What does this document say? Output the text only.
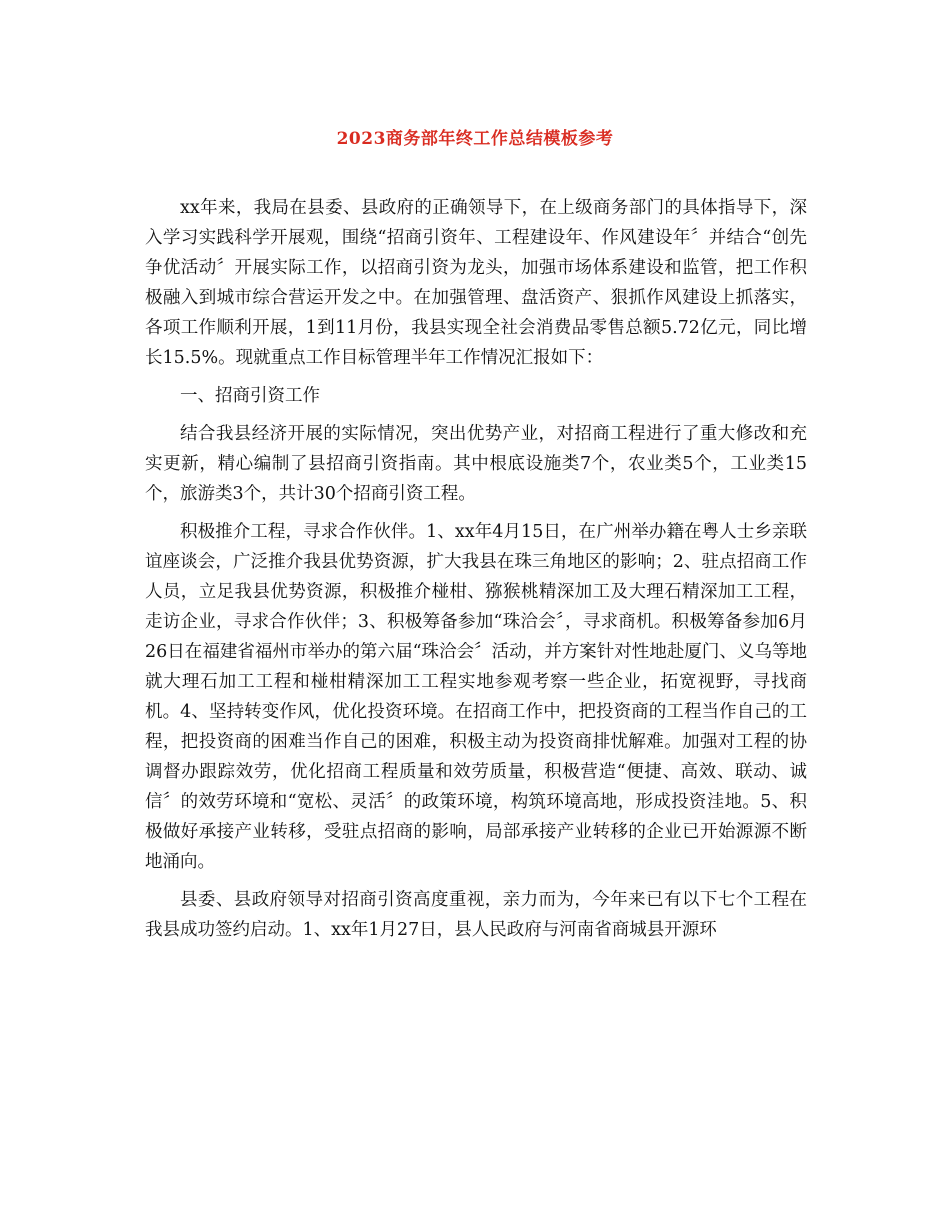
2023商务部年终工作总结模板参考

xx年来，我局在县委、县政府的正确领导下，在上级商务部门的具体指导下，深入学习实践科学开展观，围绕“招商引资年、工程建设年、作风建设年〞并结合“创先争优活动〞开展实际工作，以招商引资为龙头，加强市场体系建设和监管，把工作积极融入到城市综合营运开发之中。在加强管理、盘活资产、狠抓作风建设上抓落实，各项工作顺利开展，1到11月份，我县实现全社会消费品零售总额5.72亿元，同比增长15.5%。现就重点工作目标管理半年工作情况汇报如下：

一、招商引资工作

结合我县经济开展的实际情况，突出优势产业，对招商工程进行了重大修改和充实更新，精心编制了县招商引资指南。其中根底设施类7个，农业类5个，工业类15个，旅游类3个，共计30个招商引资工程。

积极推介工程，寻求合作伙伴。1、xx年4月15日，在广州举办籍在粤人士乡亲联谊座谈会，广泛推介我县优势资源，扩大我县在珠三角地区的影响；2、驻点招商工作人员，立足我县优势资源，积极推介椪柑、猕猴桃精深加工及大理石精深加工工程，走访企业，寻求合作伙伴；3、积极筹备参加“珠洽会〞，寻求商机。积极筹备参加6月26日在福建省福州市举办的第六届“珠洽会〞活动，并方案针对性地赴厦门、义乌等地就大理石加工工程和椪柑精深加工工程实地参观考察一些企业，拓宽视野，寻找商机。4、坚持转变作风，优化投资环境。在招商工作中，把投资商的工程当作自己的工程，把投资商的困难当作自己的困难，积极主动为投资商排忧解难。加强对工程的协调督办跟踪效劳，优化招商工程质量和效劳质量，积极营造“便捷、高效、联动、诚信〞的效劳环境和“宽松、灵活〞的政策环境，构筑环境高地，形成投资洼地。5、积极做好承接产业转移，受驻点招商的影响，局部承接产业转移的企业已开始源源不断地涌向。

县委、县政府领导对招商引资高度重视，亲力而为，今年来已有以下七个工程在我县成功签约启动。1、xx年1月27日，县人民政府与河南省商城县开源环
